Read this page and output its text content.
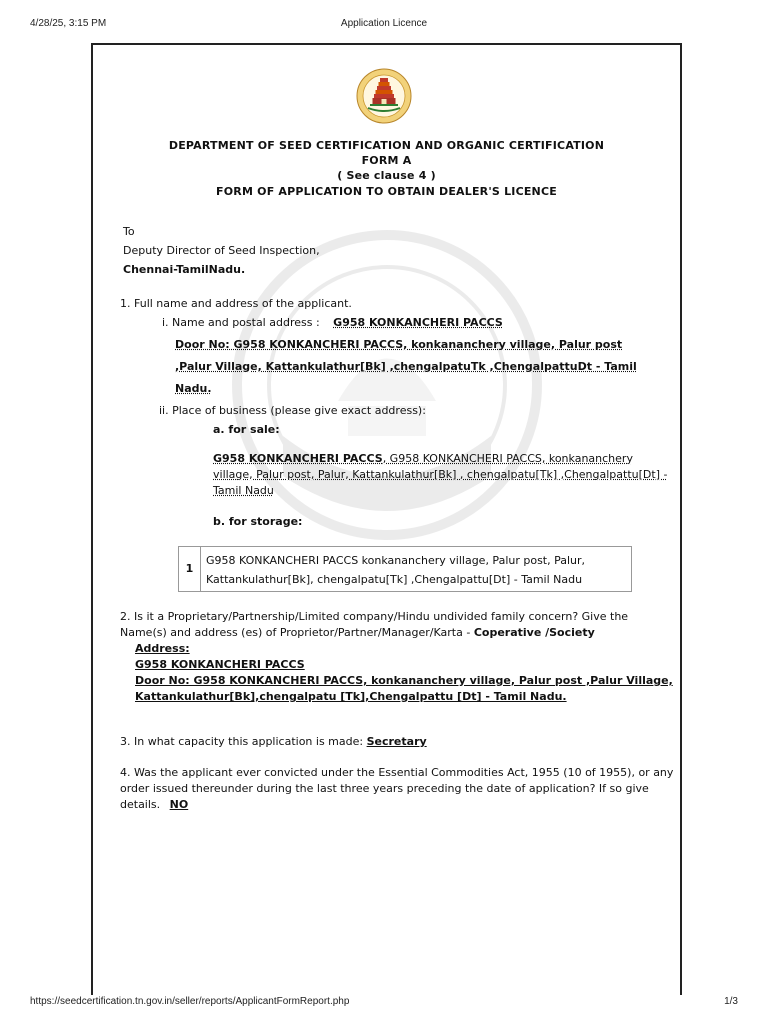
4/28/25, 3:15 PM	Application Licence
DEPARTMENT OF SEED CERTIFICATION AND ORGANIC CERTIFICATION
FORM A
( See clause 4 )
FORM OF APPLICATION TO OBTAIN DEALER'S LICENCE
To
Deputy Director of Seed Inspection,
Chennai-TamilNadu.
1. Full name and address of the applicant.
i. Name and postal address : G958 KONKANCHERI PACCS
Door No: G958 KONKANCHERI PACCS, konkananchery village, Palur post
,Palur Village, Kattankulathur[Bk] ,chengalpatuTk ,ChengalpattuDt - Tamil
Nadu.
ii. Place of business (please give exact address):
a. for sale:
G958 KONKANCHERI PACCS, G958 KONKANCHERI PACCS, konkananchery village, Palur post, Palur, Kattankulathur[Bk] , chengalpatu[Tk] ,Chengalpattu[Dt] - Tamil Nadu
b. for storage:
1
G958 KONKANCHERI PACCS konkananchery village, Palur post, Palur, Kattankulathur[Bk], chengalpatu[Tk] ,Chengalpattu[Dt] - Tamil Nadu
2. Is it a Proprietary/Partnership/Limited company/Hindu undivided family concern? Give the Name(s) and address (es) of Proprietor/Partner/Manager/Karta - Coperative /Society
Address:
G958 KONKANCHERI PACCS
Door No: G958 KONKANCHERI PACCS, konkananchery village, Palur post ,Palur Village, Kattankulathur[Bk],chengalpatu [Tk],Chengalpattu [Dt] - Tamil Nadu.
3. In what capacity this application is made: Secretary
4. Was the applicant ever convicted under the Essential Commodities Act, 1955 (10 of 1955), or any order issued thereunder during the last three years preceding the date of application? If so give details. NO
https://seedcertification.tn.gov.in/seller/reports/ApplicantFormReport.php	1/3
